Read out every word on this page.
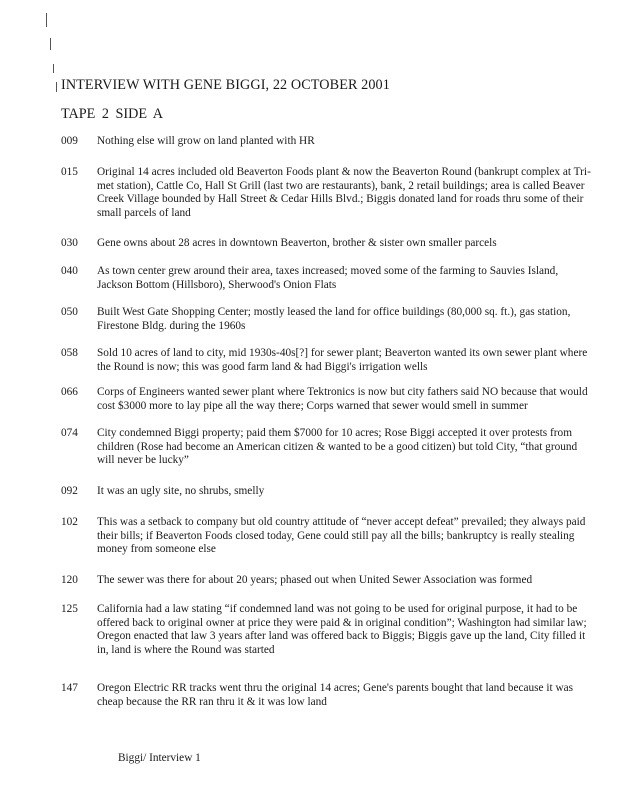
INTERVIEW WITH GENE BIGGI, 22 OCTOBER 2001
TAPE 2 SIDE A
009 Nothing else will grow on land planted with HR
015 Original 14 acres included old Beaverton Foods plant & now the Beaverton Round (bankrupt complex at Tri-met station), Cattle Co, Hall St Grill (last two are restaurants), bank, 2 retail buildings; area is called Beaver Creek Village bounded by Hall Street & Cedar Hills Blvd.; Biggis donated land for roads thru some of their small parcels of land
030 Gene owns about 28 acres in downtown Beaverton, brother & sister own smaller parcels
040 As town center grew around their area, taxes increased; moved some of the farming to Sauvies Island, Jackson Bottom (Hillsboro), Sherwood's Onion Flats
050 Built West Gate Shopping Center; mostly leased the land for office buildings (80,000 sq. ft.), gas station, Firestone Bldg. during the 1960s
058 Sold 10 acres of land to city, mid 1930s-40s[?] for sewer plant; Beaverton wanted its own sewer plant where the Round is now; this was good farm land & had Biggi's irrigation wells
066 Corps of Engineers wanted sewer plant where Tektronics is now but city fathers said NO because that would cost $3000 more to lay pipe all the way there; Corps warned that sewer would smell in summer
074 City condemned Biggi property; paid them $7000 for 10 acres; Rose Biggi accepted it over protests from children (Rose had become an American citizen & wanted to be a good citizen) but told City, “that ground will never be lucky”
092 It was an ugly site, no shrubs, smelly
102 This was a setback to company but old country attitude of “never accept defeat” prevailed; they always paid their bills; if Beaverton Foods closed today, Gene could still pay all the bills; bankruptcy is really stealing money from someone else
120 The sewer was there for about 20 years; phased out when United Sewer Association was formed
125 California had a law stating “if condemned land was not going to be used for original purpose, it had to be offered back to original owner at price they were paid & in original condition”; Washington had similar law; Oregon enacted that law 3 years after land was offered back to Biggis; Biggis gave up the land, City filled it in, land is where the Round was started
147 Oregon Electric RR tracks went thru the original 14 acres; Gene's parents bought that land because it was cheap because the RR ran thru it & it was low land
Biggi/ Interview 1
